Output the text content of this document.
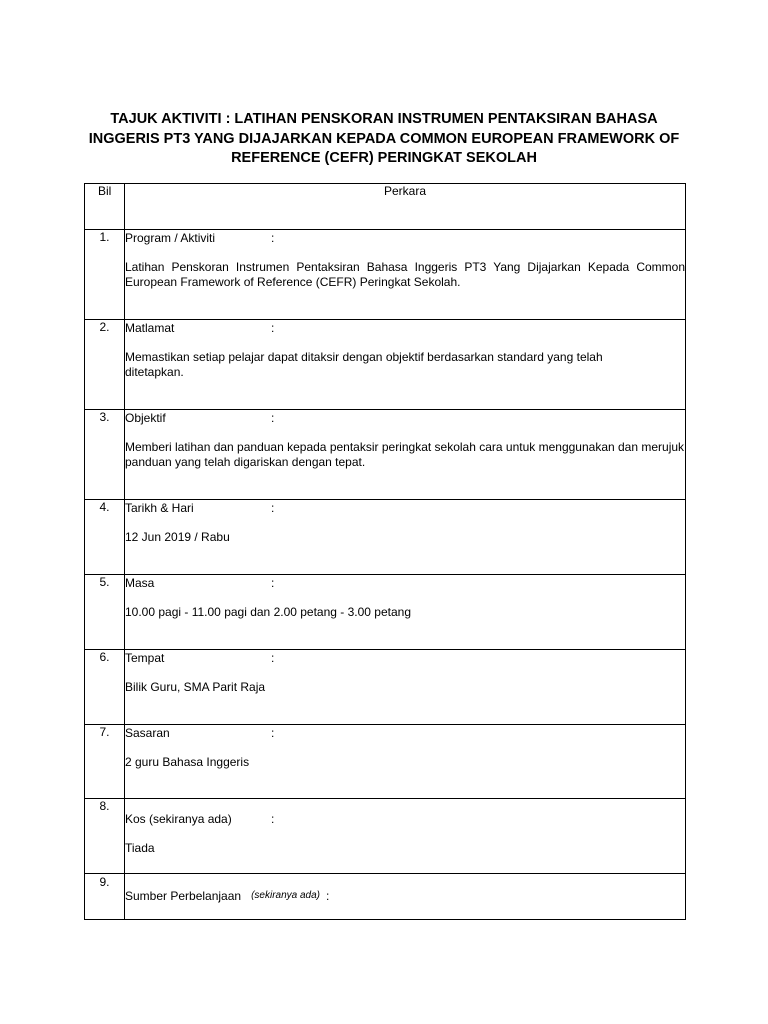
TAJUK AKTIVITI : LATIHAN PENSKORAN INSTRUMEN PENTAKSIRAN BAHASA INGGERIS PT3 YANG DIJAJARKAN KEPADA COMMON EUROPEAN FRAMEWORK OF REFERENCE (CEFR) PERINGKAT SEKOLAH
Bil	Perkara
1.	Program / Aktiviti :
Latihan Penskoran Instrumen Pentaksiran Bahasa Inggeris PT3 Yang Dijajarkan Kepada Common European Framework of Reference (CEFR) Peringkat Sekolah.

2.	Matlamat :
Memastikan setiap pelajar dapat ditaksir dengan objektif berdasarkan standard yang telah ditetapkan.

3.	Objektif :
Memberi latihan dan panduan kepada pentaksir peringkat sekolah cara untuk menggunakan dan merujuk panduan yang telah digariskan dengan tepat.

4.	Tarikh & Hari :
12 Jun 2019 / Rabu

5.	Masa :
10.00 pagi - 11.00 pagi dan 2.00 petang - 3.00 petang

6.	Tempat :
Bilik Guru, SMA Parit Raja

7.	Sasaran :
2 guru Bahasa Inggeris

8.	Kos (sekiranya ada) :
Tiada

9.	Sumber Perbelanjaan (sekiranya ada) :
